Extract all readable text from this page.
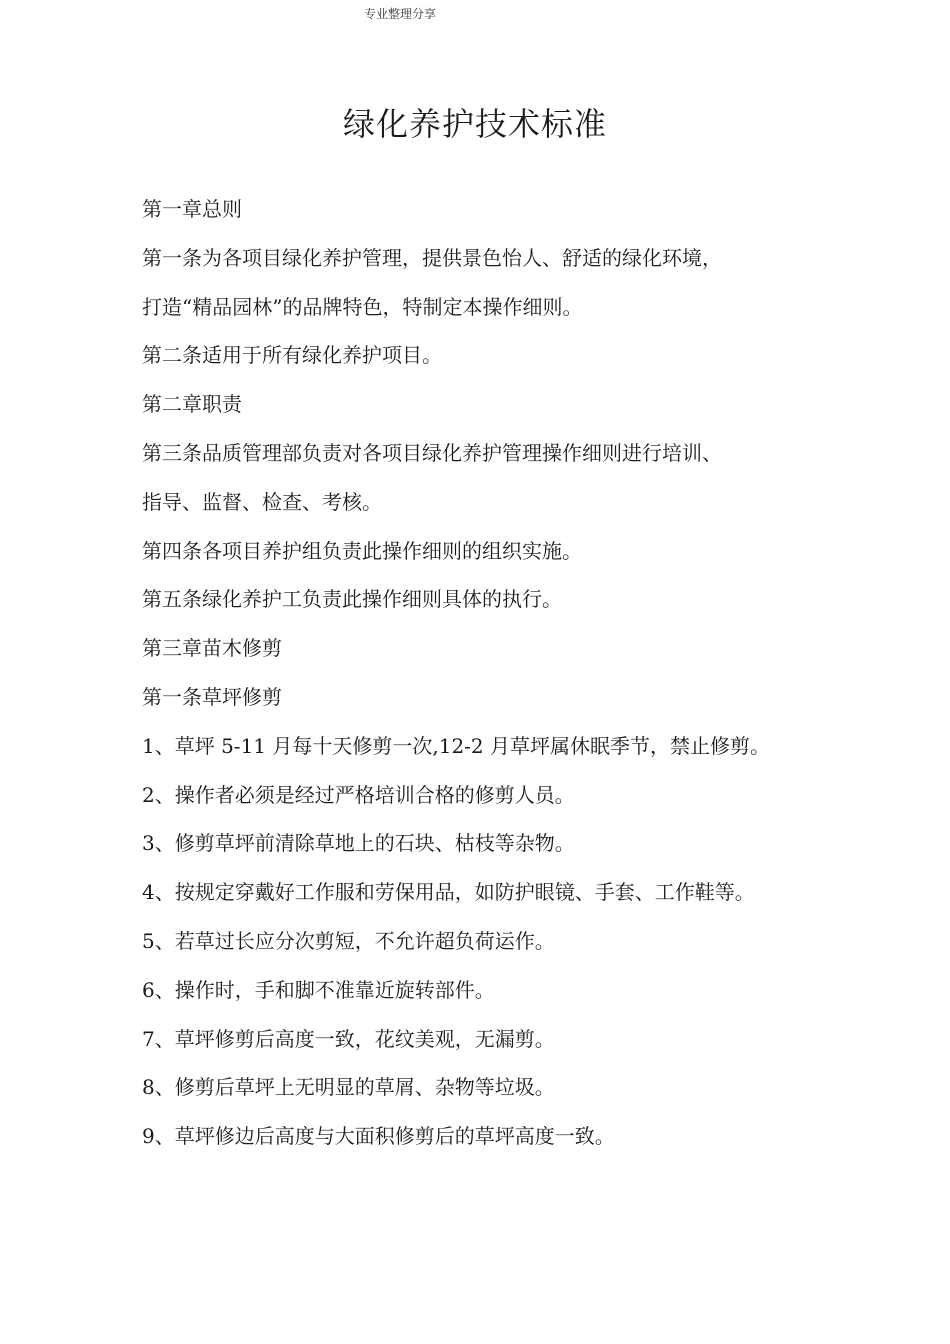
专业整理分享
绿化养护技术标准

第一章总则

第一条为各项目绿化养护管理，提供景色怡人、舒适的绿化环境，

打造“精品园林”的品牌特色，特制定本操作细则。

第二条适用于所有绿化养护项目。

第二章职责

第三条品质管理部负责对各项目绿化养护管理操作细则进行培训、

指导、监督、检查、考核。

第四条各项目养护组负责此操作细则的组织实施。

第五条绿化养护工负责此操作细则具体的执行。

第三章苗木修剪

第一条草坪修剪

1、草坪 5-11 月每十天修剪一次,12-2 月草坪属休眠季节，禁止修剪。

2、操作者必须是经过严格培训合格的修剪人员。

3、修剪草坪前清除草地上的石块、枯枝等杂物。

4、按规定穿戴好工作服和劳保用品，如防护眼镜、手套、工作鞋等。

5、若草过长应分次剪短，不允许超负荷运作。

6、操作时，手和脚不准靠近旋转部件。

7、草坪修剪后高度一致，花纹美观，无漏剪。

8、修剪后草坪上无明显的草屑、杂物等垃圾。

9、草坪修边后高度与大面积修剪后的草坪高度一致。
